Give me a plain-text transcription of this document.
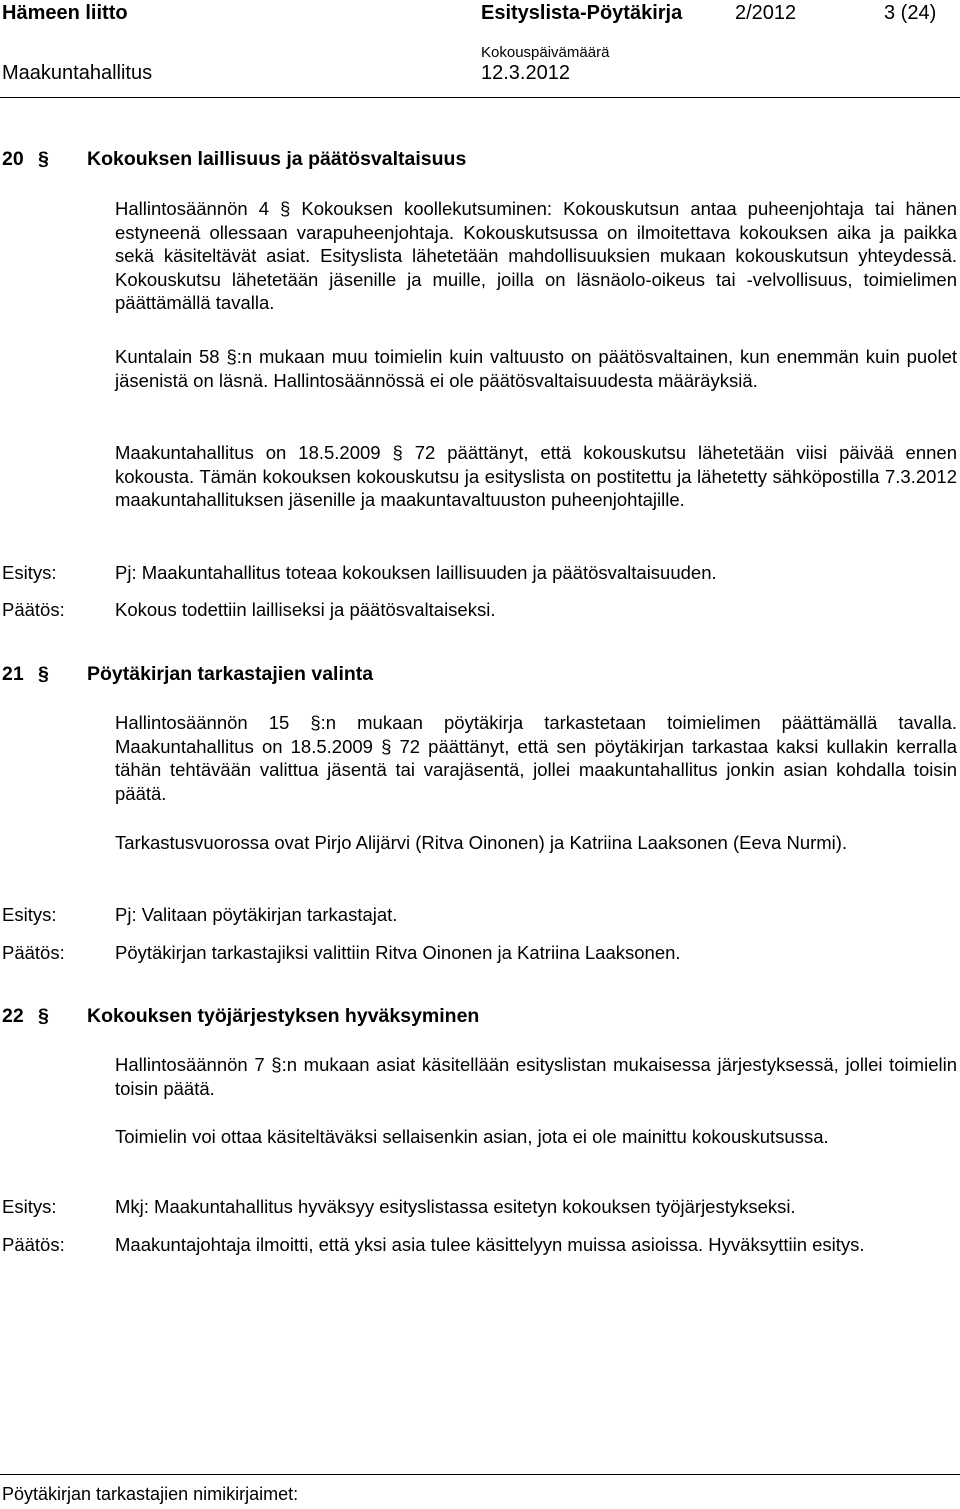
Hämeen liitto	Esityslista-Pöytäkirja	2/2012	3 (24)
Kokouspäivämäärä
Maakuntahallitus	12.3.2012
20 § Kokouksen laillisuus ja päätösvaltaisuus

Hallintosäännön 4 § Kokouksen koollekutsuminen: Kokouskutsun antaa puheenjohtaja tai hänen estyneenä ollessaan varapuheenjohtaja. Kokouskutsussa on ilmoitettava kokouksen aika ja paikka sekä käsiteltävät asiat. Esityslista lähetetään mahdollisuuksien mukaan kokouskutsun yhteydessä. Kokouskutsu lähetetään jäsenille ja muille, joilla on läsnäolo-oikeus tai -velvollisuus, toimielimen päättämällä tavalla.

Kuntalain 58 §:n mukaan muu toimielin kuin valtuusto on päätösvaltainen, kun enemmän kuin puolet jäsenistä on läsnä. Hallintosäännössä ei ole päätösvaltaisuudesta määräyksiä.

Maakuntahallitus on 18.5.2009 § 72 päättänyt, että kokouskutsu lähetetään viisi päivää ennen kokousta. Tämän kokouksen kokouskutsu ja esityslista on postitettu ja lähetetty sähköpostilla 7.3.2012 maakuntahallituksen jäsenille ja maakuntavaltuuston puheenjohtajille.

Esitys:	Pj: Maakuntahallitus toteaa kokouksen laillisuuden ja päätösvaltaisuuden.

Päätös:	Kokous todettiin lailliseksi ja päätösvaltaiseksi.

21 § Pöytäkirjan tarkastajien valinta

Hallintosäännön 15 §:n mukaan pöytäkirja tarkastetaan toimielimen päättämällä tavalla. Maakuntahallitus on 18.5.2009 § 72 päättänyt, että sen pöytäkirjan tarkastaa kaksi kullakin kerralla tähän tehtävään valittua jäsentä tai varajäsentä, jollei maakuntahallitus jonkin asian kohdalla toisin päätä.

Tarkastusvuorossa ovat Pirjo Alijärvi (Ritva Oinonen) ja Katriina Laaksonen (Eeva Nurmi).

Esitys:	Pj: Valitaan pöytäkirjan tarkastajat.

Päätös:	Pöytäkirjan tarkastajiksi valittiin Ritva Oinonen ja Katriina Laaksonen.

22 § Kokouksen työjärjestyksen hyväksyminen

Hallintosäännön 7 §:n mukaan asiat käsitellään esityslistan mukaisessa järjestyksessä, jollei toimielin toisin päätä.

Toimielin voi ottaa käsiteltäväksi sellaisenkin asian, jota ei ole mainittu kokouskutsussa.

Esitys:	Mkj: Maakuntahallitus hyväksyy esityslistassa esitetyn kokouksen työjärjestykseksi.

Päätös:	Maakuntajohtaja ilmoitti, että yksi asia tulee käsittelyyn muissa asioissa. Hyväksyttiin esitys.

Pöytäkirjan tarkastajien nimikirjaimet:
